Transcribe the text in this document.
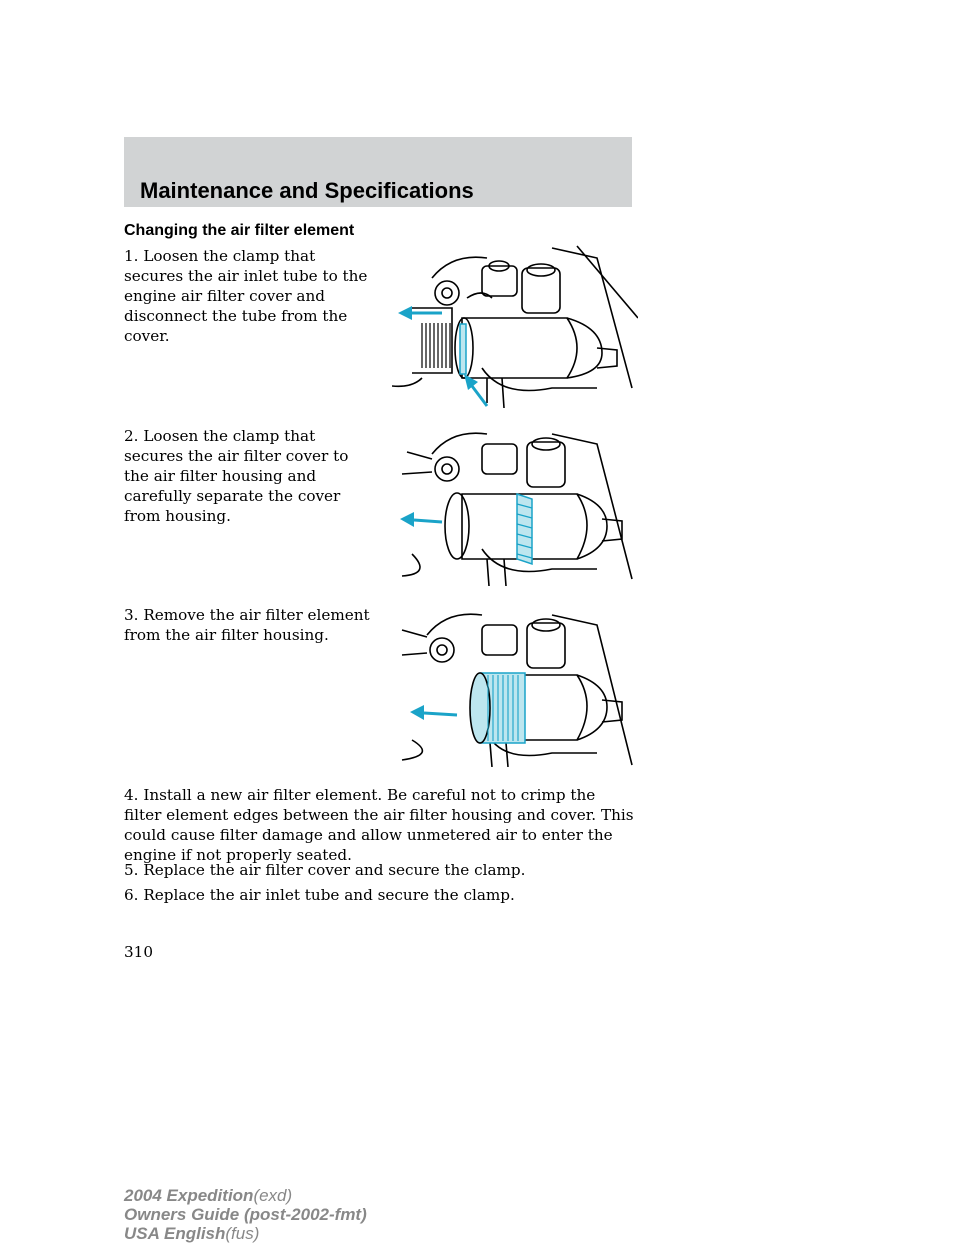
Maintenance and Specifications
Changing the air filter element
1. Loosen the clamp that secures the air inlet tube to the engine air filter cover and disconnect the tube from the cover.
2. Loosen the clamp that secures the air filter cover to the air filter housing and carefully separate the cover from housing.
3. Remove the air filter element from the air filter housing.
4. Install a new air filter element. Be careful not to crimp the filter element edges between the air filter housing and cover. This could cause filter damage and allow unmetered air to enter the engine if not properly seated.
5. Replace the air filter cover and secure the clamp.
6. Replace the air inlet tube and secure the clamp.
310
2004 Expedition(exd)
Owners Guide (post-2002-fmt)
USA English(fus)
